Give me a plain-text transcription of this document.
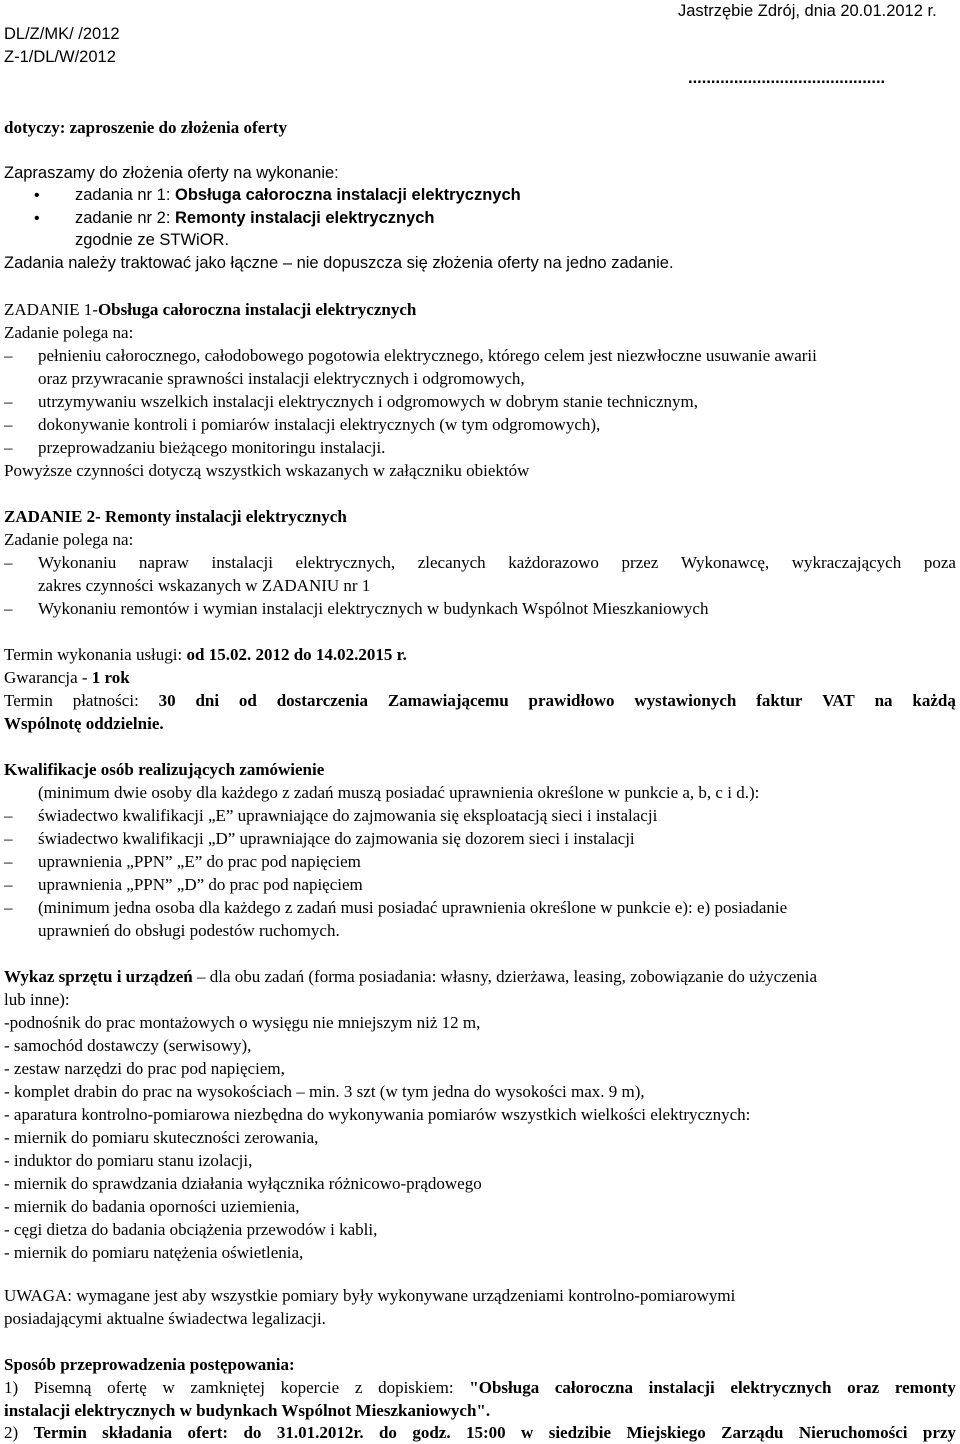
DL/Z/MK/ /2012
Z-1/DL/W/2012
Jastrzębie Zdrój, dnia 20.01.2012 r.
...........................................
dotyczy: zaproszenie do złożenia oferty
Zapraszamy do złożenia oferty na wykonanie:
• zadania nr 1: Obsługa całoroczna instalacji elektrycznych
• zadanie nr 2: Remonty instalacji elektrycznych
zgodnie ze STWiOR.
Zadania należy traktować jako łączne – nie dopuszcza się złożenia oferty na jedno zadanie.
ZADANIE 1-Obsługa całoroczna instalacji elektrycznych
Zadanie polega na:
– pełnieniu całorocznego, całodobowego pogotowia elektrycznego, którego celem jest niezwłoczne usuwanie awarii
oraz przywracanie sprawności instalacji elektrycznych i odgromowych,
– utrzymywaniu wszelkich instalacji elektrycznych i odgromowych w dobrym stanie technicznym,
– dokonywanie kontroli i pomiarów instalacji elektrycznych (w tym odgromowych),
– przeprowadzaniu bieżącego monitoringu instalacji.
Powyższe czynności dotyczą wszystkich wskazanych w załączniku obiektów
ZADANIE 2- Remonty instalacji elektrycznych
Zadanie polega na:
– Wykonaniu napraw instalacji elektrycznych, zlecanych każdorazowo przez Wykonawcę, wykraczających poza
zakres czynności wskazanych w ZADANIU nr 1
– Wykonaniu remontów i wymian instalacji elektrycznych w budynkach Wspólnot Mieszkaniowych
Termin wykonania usługi: od 15.02. 2012 do 14.02.2015 r.
Gwarancja - 1 rok
Termin płatności: 30 dni od dostarczenia Zamawiającemu prawidłowo wystawionych faktur VAT na każdą
Wspólnotę oddzielnie.
Kwalifikacje osób realizujących zamówienie
(minimum dwie osoby dla każdego z zadań muszą posiadać uprawnienia określone w punkcie a, b, c i d.):
– świadectwo kwalifikacji „E” uprawniające do zajmowania się eksploatacją sieci i instalacji
– świadectwo kwalifikacji „D” uprawniające do zajmowania się dozorem sieci i instalacji
– uprawnienia „PPN” „E” do prac pod napięciem
– uprawnienia „PPN” „D” do prac pod napięciem
– (minimum jedna osoba dla każdego z zadań musi posiadać uprawnienia określone w punkcie e): e) posiadanie
uprawnień do obsługi podestów ruchomych.
Wykaz sprzętu i urządzeń – dla obu zadań (forma posiadania: własny, dzierżawa, leasing, zobowiązanie do użyczenia
lub inne):
-podnośnik do prac montażowych o wysięgu nie mniejszym niż 12 m,
- samochód dostawczy (serwisowy),
- zestaw narzędzi do prac pod napięciem,
- komplet drabin do prac na wysokościach – min. 3 szt (w tym jedna do wysokości max. 9 m),
- aparatura kontrolno-pomiarowa niezbędna do wykonywania pomiarów wszystkich wielkości elektrycznych:
- miernik do pomiaru skuteczności zerowania,
- induktor do pomiaru stanu izolacji,
- miernik do sprawdzania działania wyłącznika różnicowo-prądowego
- miernik do badania oporności uziemienia,
- cęgi dietza do badania obciążenia przewodów i kabli,
- miernik do pomiaru natężenia oświetlenia,
UWAGA: wymagane jest aby wszystkie pomiary były wykonywane urządzeniami kontrolno-pomiarowymi
posiadającymi aktualne świadectwa legalizacji.
Sposób przeprowadzenia postępowania:
1) Pisemną ofertę w zamkniętej kopercie z dopiskiem: "Obsługa całoroczna instalacji elektrycznych oraz remonty
instalacji elektrycznych w budynkach Wspólnot Mieszkaniowych".
2) Termin składania ofert: do 31.01.2012r. do godz. 15:00 w siedzibie Miejskiego Zarządu Nieruchomości przy
